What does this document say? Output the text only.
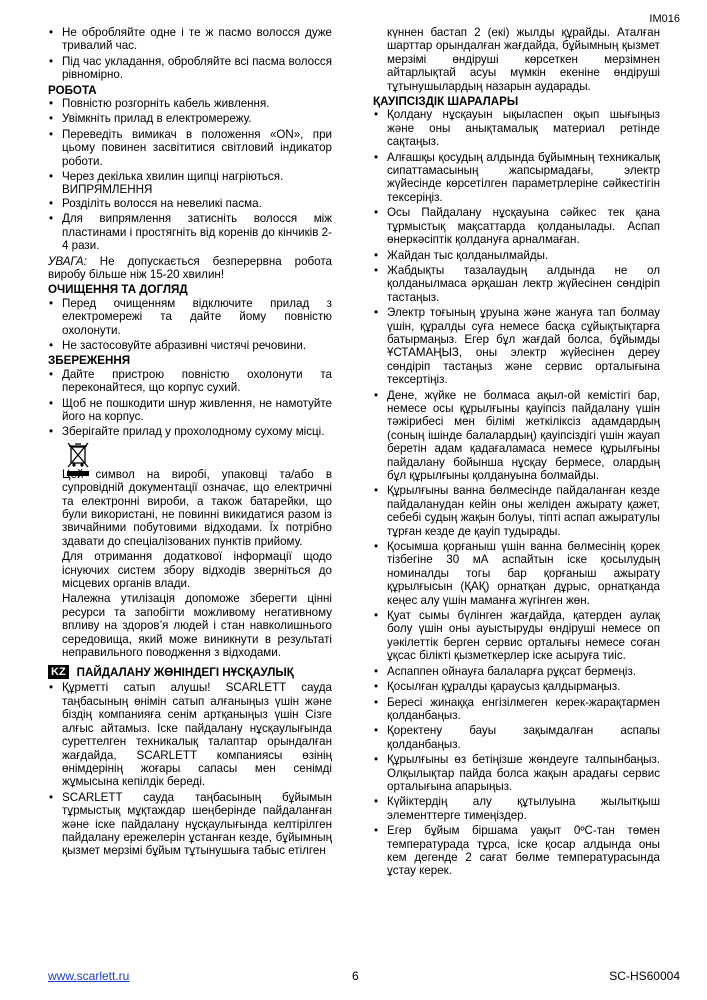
IM016
• Не обробляйте одне і те ж пасмо волосся дуже тривалий час.
• Під час укладання, обробляйте всі пасма волосся рівномірно.
РОБОТА
• Повністю розгорніть кабель живлення.
• Увімкніть прилад в електромережу.
• Переведіть вимикач в положення «ON», при цьому повинен засвітитися світловий індикатор роботи.
• Через декілька хвилин щипці нагріються.
ВИПРЯМЛЕННЯ
• Розділіть волосся на невеликі пасма.
• Для випрямлення затисніть волосся між пластинами і простягніть від коренів до кінчиків 2-4 рази.
УВАГА: Не допускається безперервна робота виробу більше ніж 15-20 хвилин!
ОЧИЩЕННЯ ТА ДОГЛЯД
• Перед очищенням відключите прилад з електромережі та дайте йому повністю охолонути.
• Не застосовуйте абразивні чистячі речовини.
ЗБЕРЕЖЕННЯ
• Дайте пристрою повністю охолонути та переконайтеся, що корпус сухий.
• Щоб не пошкодити шнур живлення, не намотуйте його на корпус.
• Зберігайте прилад у прохолодному сухому місці.
Цей символ на виробі, упаковці та/або в супровідній документації означає, що електричні та електронні вироби, а також батарейки, що були використані, не повинні викидатися разом із звичайними побутовими відходами. Їх потрібно здавати до спеціалізованих пунктів прийому.
Для отримання додаткової інформації щодо існуючих систем збору відходів зверніться до місцевих органів влади.
Належна утилізація допоможе зберегти цінні ресурси та запобігти можливому негативному впливу на здоров’я людей і стан навколишнього середовища, який може виникнути в результаті неправильного поводження з відходами.
KZ ПАЙДАЛАНУ ЖӨНІНДЕГІ НҰСҚАУЛЫҚ
• Құрметті сатып алушы! SCARLETT сауда таңбасының өнімін сатып алғаныңыз үшін және біздің компанияға сенім артқаныңыз үшін Сізге алғыс айтамыз. Іске пайдалану нұсқаулығында суреттелген техникалық талаптар орындалған жағдайда, SCARLETT компаниясы өзінің өнімдерінің жоғары сапасы мен сенімді жұмысына кепілдік береді.
• SCARLETT сауда таңбасының бұйымын тұрмыстық мұқтаждар шеңберінде пайдаланған және іске пайдалану нұсқаулығында келтірілген пайдалану ережелерін ұстанған кезде, бұйымның қызмет мерзімі бұйым тұтынушыға табыс етілген
күннен бастап 2 (екі) жылды құрайды. Аталған шарттар орындалған жағдайда, бұйымның қызмет мерзімі өндіруші көрсеткен мерзімнен айтарлықтай асуы мүмкін екеніне өндіруші тұтынушылардың назарын аударады.
ҚАУІПСІЗДІК ШАРАЛАРЫ
• Қолдану нұсқауын ықыласпен оқып шығыңыз және оны анықтамалық материал ретінде сақтаңыз.
• Алғашқы қосудың алдында бұйымның техникалық сипаттамасының жапсырмадағы, электр жүйесінде көрсетілген параметрлеріне сәйкестігін тексеріңіз.
• Осы Пайдалану нұсқауына сәйкес тек қана тұрмыстық мақсаттарда қолданылады. Аспап өнеркәсіптік қолдануға арналмаған.
• Жайдан тыс қолданылмайды.
• Жабдықты тазалаудың алдында не ол қолданылмаса әрқашан лектр жүйесінен сөндіріп тастаңыз.
• Электр тоғының ұруына және жануға тап болмау үшін, құралды суға немесе басқа сұйықтықтарға батырмаңыз. Егер бұл жағдай болса, бұйымды ҰСТАМАҢЫЗ, оны электр жүйесінен дереу сөндіріп тастаңыз және сервис орталығына тексертіңіз.
• Дене, жүйке не болмаса ақыл-ой кемістігі бар, немесе осы құрылғыны қауіпсіз пайдалану үшін тәжірибесі мен білімі жеткіліксіз адамдардың (соның ішінде балалардың) қауіпсіздігі үшін жауап беретін адам қадағаламаса немесе құрылғыны пайдалану бойынша нұсқау бермесе, олардың бұл құрылғыны қолдануына болмайды.
• Құрылғыны ванна бөлмесінде пайдаланған кезде пайдаланудан кейін оны желіден ажырату қажет, себебі судың жақын болуы, тіпті аспап ажыратулы тұрған кезде де қауіп тудырады.
• Қосымша қорғаныш үшін ванна бөлмесінің қорек тізбегіне 30 мА аспайтын іске қосылудың номиналды тогы бар қорғаныш ажырату құрылғысын (ҚАҚ) орнатқан дұрыс, орнатқанда кеңес алу үшін маманға жүгінген жөн.
• Қуат сымы бүлінген жағдайда, қатерден аулақ болу үшін оны ауыстыруды өндіруші немесе оп уәкілеттік берген сервис орталығы немесе соған ұқсас білікті қызметкерлер іске асыруға тиіс.
• Аспаппен ойнауға балаларға рұқсат бермеңіз.
• Қосылған құралды қараусыз қалдырмаңыз.
• Бересі жинаққа енгізілмеген керек-жарақтармен қолданбаңыз.
• Қоректену бауы зақымдалған аспапы қолданбаңыз.
• Құрылғыны өз бетіңізше жөндеуге талпынбаңыз. Олқылықтар пайда болса жақын арадағы сервис орталығына апарыңыз.
• Күйіктердің алу құтылуына жылытқыш элементтерге тимеңіздер.
• Егер бұйым біршама уақыт 0ºC-тан төмен температурада тұрса, іске қосар алдында оны кем дегенде 2 сағат бөлме температурасында ұстау керек.
www.scarlett.ru	6	SC-HS60004
